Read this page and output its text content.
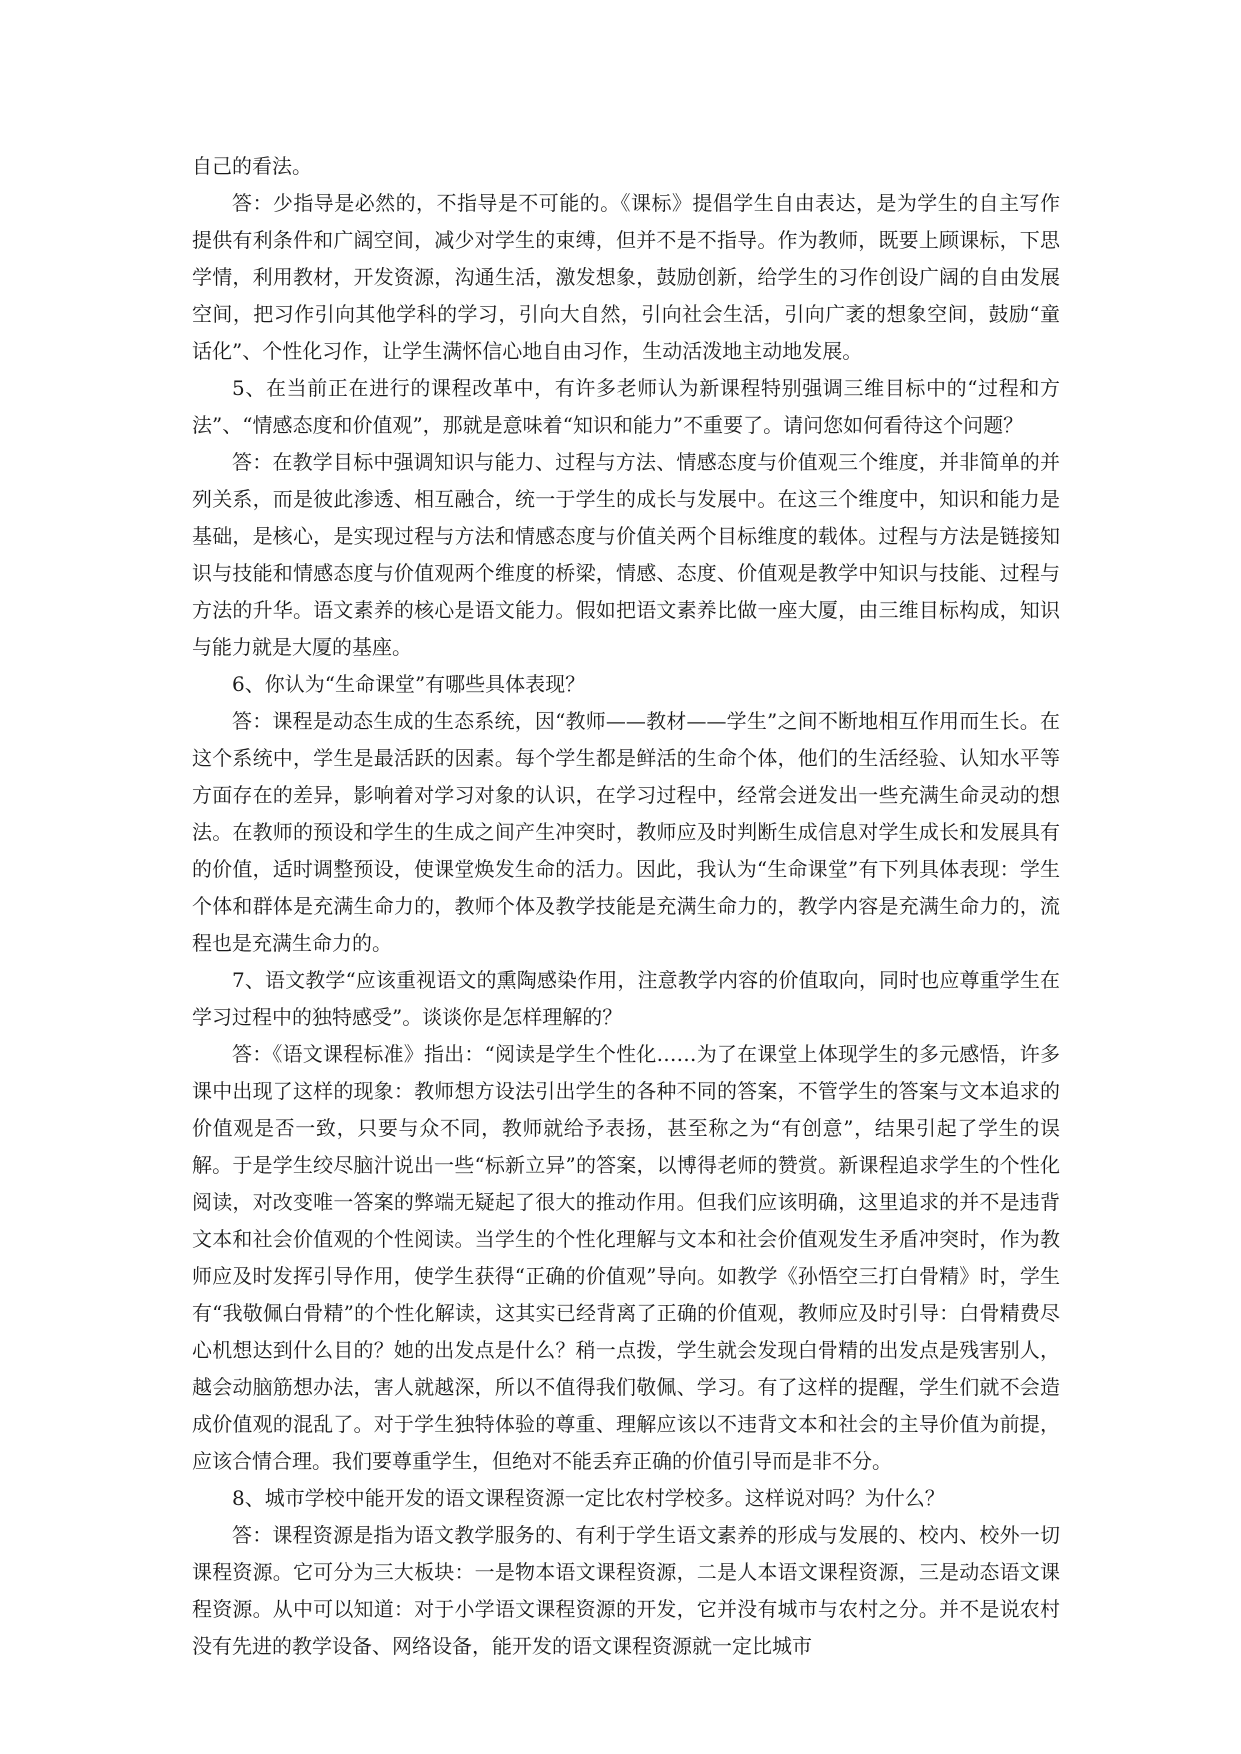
自己的看法。

答：少指导是必然的，不指导是不可能的。《课标》提倡学生自由表达，是为学生的自主写作提供有利条件和广阔空间，减少对学生的束缚，但并不是不指导。作为教师，既要上顾课标，下思学情，利用教材，开发资源，沟通生活，激发想象，鼓励创新，给学生的习作创设广阔的自由发展空间，把习作引向其他学科的学习，引向大自然，引向社会生活，引向广袤的想象空间，鼓励“童话化”、个性化习作，让学生满怀信心地自由习作，生动活泼地主动地发展。

5、在当前正在进行的课程改革中，有许多老师认为新课程特别强调三维目标中的“过程和方法”、“情感态度和价值观”，那就是意味着“知识和能力”不重要了。请问您如何看待这个问题？

答：在教学目标中强调知识与能力、过程与方法、情感态度与价值观三个维度，并非简单的并列关系，而是彼此渗透、相互融合，统一于学生的成长与发展中。在这三个维度中，知识和能力是基础，是核心，是实现过程与方法和情感态度与价值关两个目标维度的载体。过程与方法是链接知识与技能和情感态度与价值观两个维度的桥梁，情感、态度、价值观是教学中知识与技能、过程与方法的升华。语文素养的核心是语文能力。假如把语文素养比做一座大厦，由三维目标构成，知识与能力就是大厦的基座。

6、你认为“生命课堂”有哪些具体表现？

答：课程是动态生成的生态系统，因“教师——教材——学生”之间不断地相互作用而生长。在这个系统中，学生是最活跃的因素。每个学生都是鲜活的生命个体，他们的生活经验、认知水平等方面存在的差异，影响着对学习对象的认识，在学习过程中，经常会迸发出一些充满生命灵动的想法。在教师的预设和学生的生成之间产生冲突时，教师应及时判断生成信息对学生成长和发展具有的价值，适时调整预设，使课堂焕发生命的活力。因此，我认为“生命课堂”有下列具体表现：学生个体和群体是充满生命力的，教师个体及教学技能是充满生命力的，教学内容是充满生命力的，流程也是充满生命力的。

7、语文教学“应该重视语文的熏陶感染作用，注意教学内容的价值取向，同时也应尊重学生在学习过程中的独特感受”。谈谈你是怎样理解的？

答：《语文课程标准》指出：“阅读是学生个性化……为了在课堂上体现学生的多元感悟，许多课中出现了这样的现象：教师想方设法引出学生的各种不同的答案，不管学生的答案与文本追求的价值观是否一致，只要与众不同，教师就给予表扬，甚至称之为“有创意”，结果引起了学生的误解。于是学生绞尽脑汁说出一些“标新立异”的答案，以博得老师的赞赏。新课程追求学生的个性化阅读，对改变唯一答案的弊端无疑起了很大的推动作用。但我们应该明确，这里追求的并不是违背文本和社会价值观的个性阅读。当学生的个性化理解与文本和社会价值观发生矛盾冲突时，作为教师应及时发挥引导作用，使学生获得“正确的价值观”导向。如教学《孙悟空三打白骨精》时，学生有“我敬佩白骨精”的个性化解读，这其实已经背离了正确的价值观，教师应及时引导：白骨精费尽心机想达到什么目的？她的出发点是什么？稍一点拨，学生就会发现白骨精的出发点是残害别人，越会动脑筋想办法，害人就越深，所以不值得我们敬佩、学习。有了这样的提醒，学生们就不会造成价值观的混乱了。对于学生独特体验的尊重、理解应该以不违背文本和社会的主导价值为前提，应该合情合理。我们要尊重学生，但绝对不能丢弃正确的价值引导而是非不分。

8、城市学校中能开发的语文课程资源一定比农村学校多。这样说对吗？为什么？

答：课程资源是指为语文教学服务的、有利于学生语文素养的形成与发展的、校内、校外一切课程资源。它可分为三大板块：一是物本语文课程资源，二是人本语文课程资源，三是动态语文课程资源。从中可以知道：对于小学语文课程资源的开发，它并没有城市与农村之分。并不是说农村没有先进的教学设备、网络设备，能开发的语文课程资源就一定比城市
